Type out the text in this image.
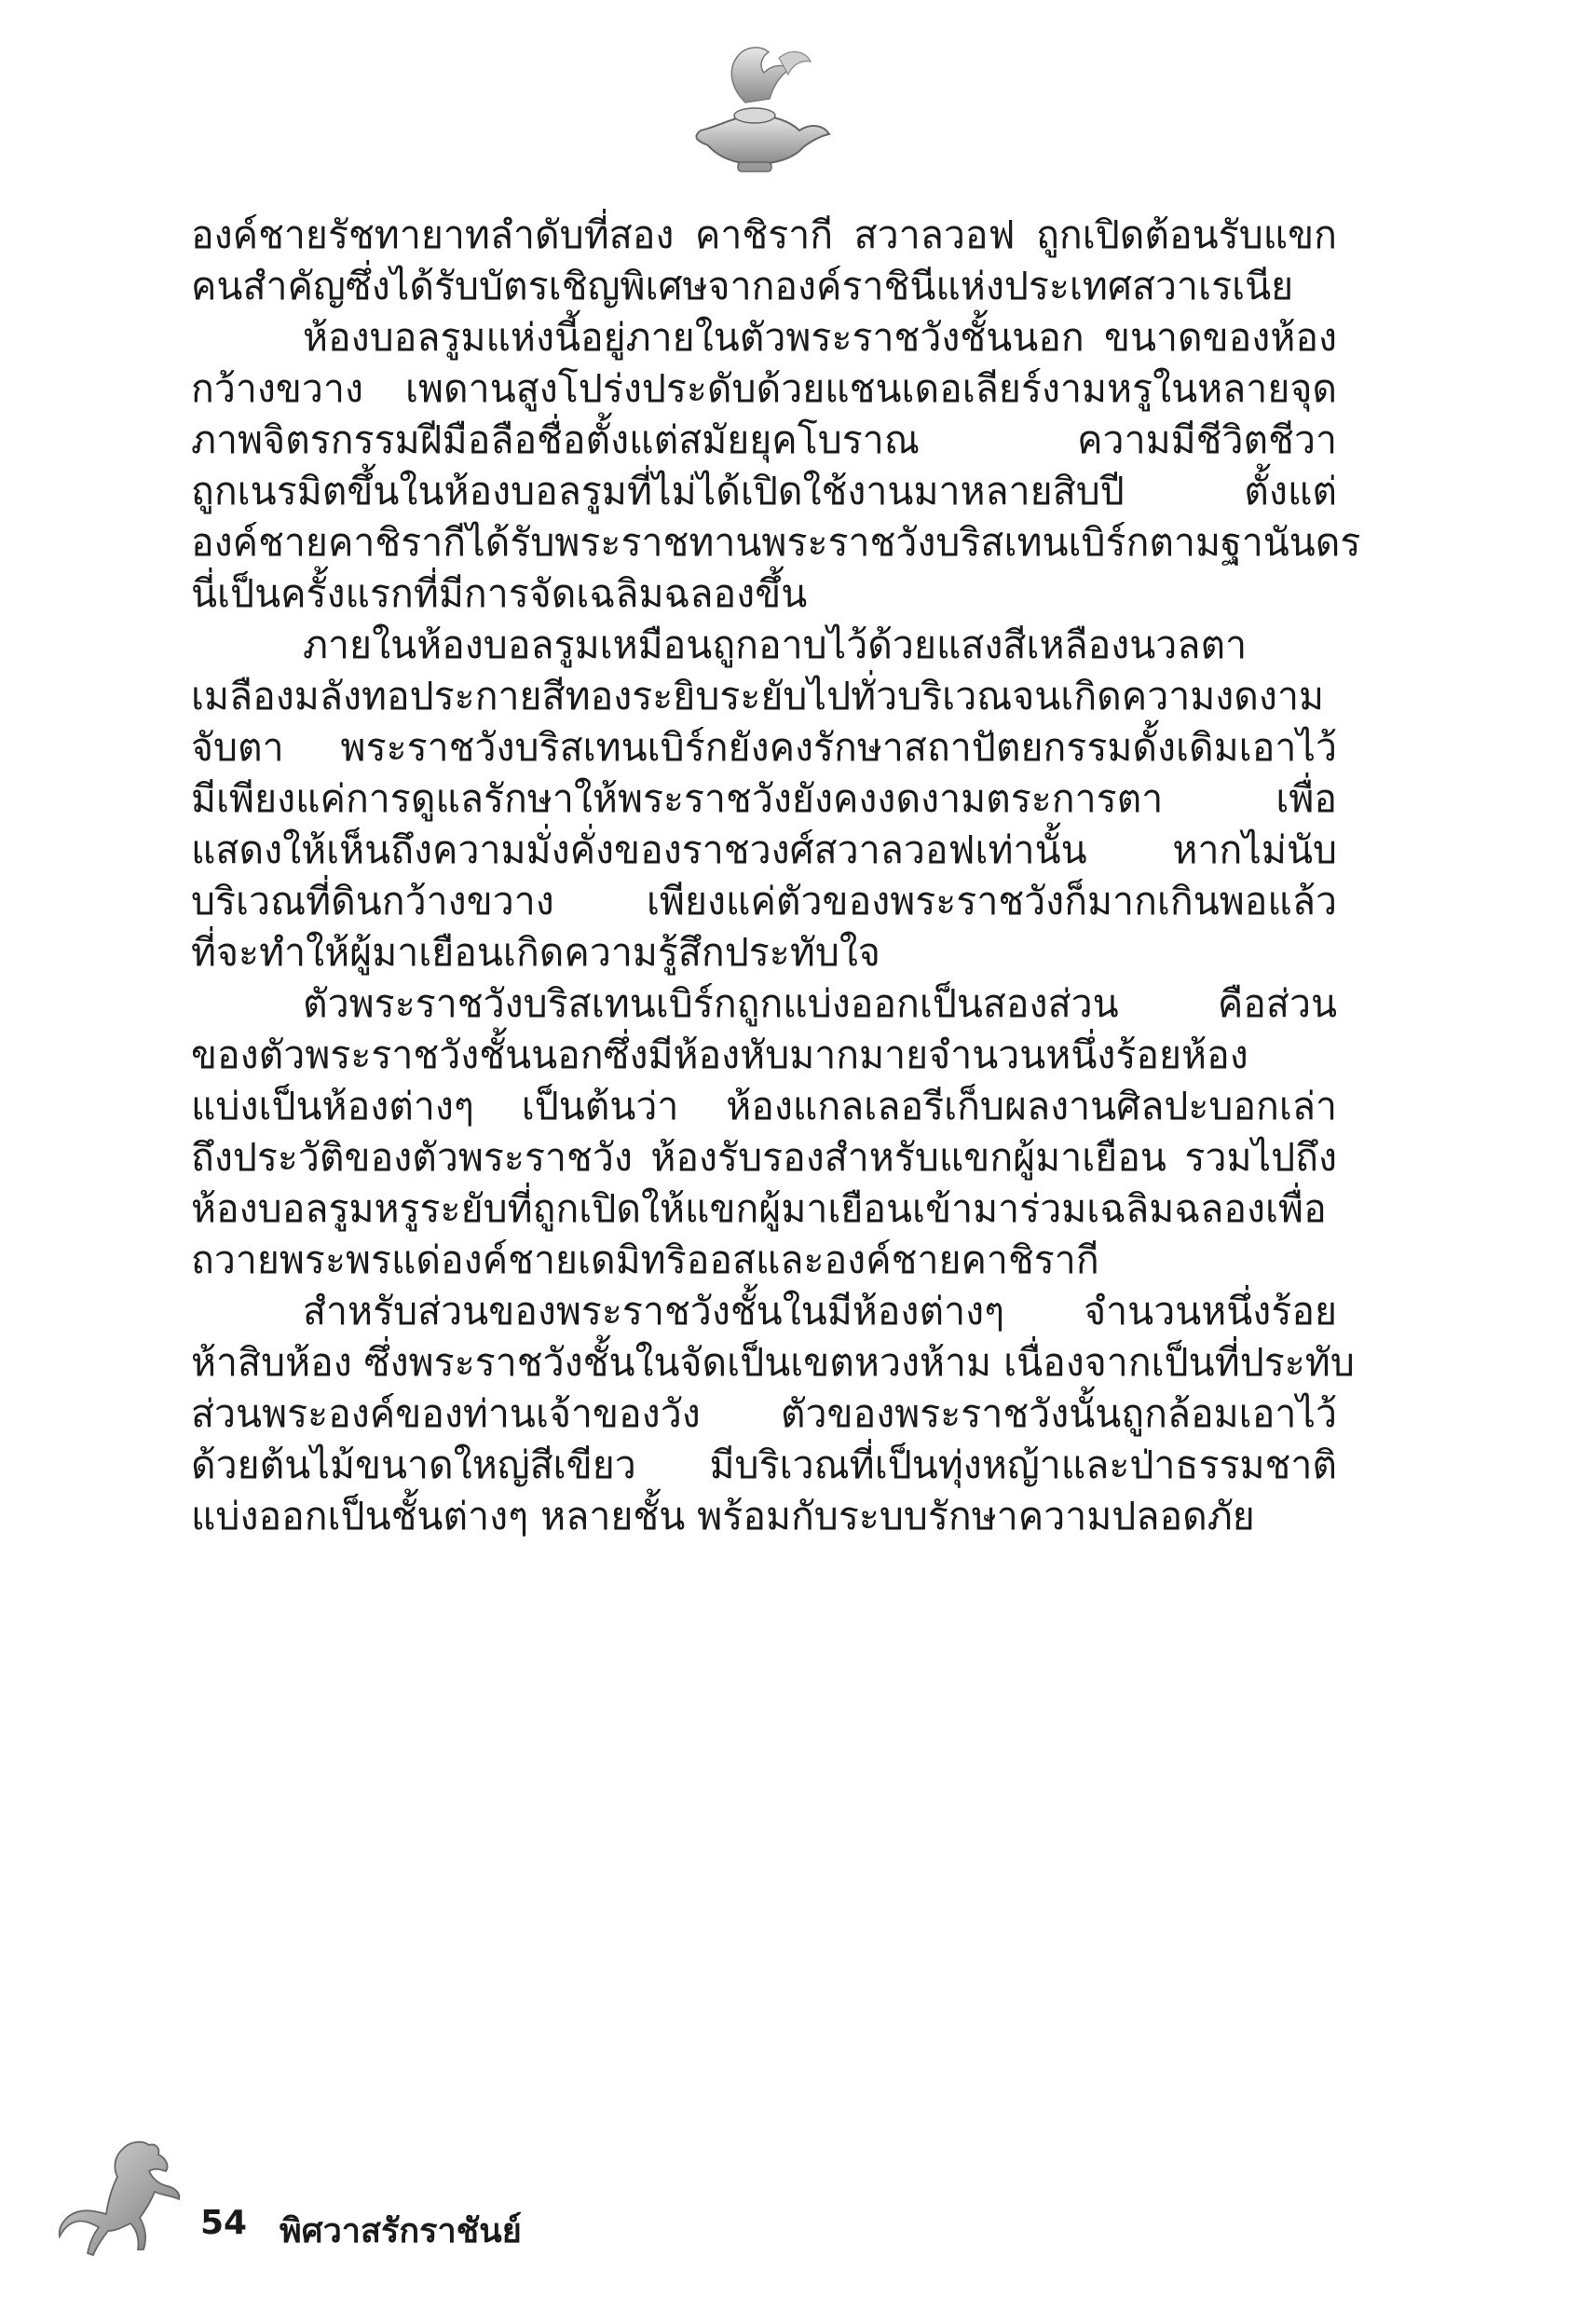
องค์ชายรัชทายาทลำดับที่สอง คาชิรากี สวาลวอฟ ถูกเปิดต้อนรับแขก

คนสำคัญซึ่งได้รับบัตรเชิญพิเศษจากองค์ราชินีแห่งประเทศสวาเรเนีย

ห้องบอลรูมแห่งนี้อยู่ภายในตัวพระราชวังชั้นนอก ขนาดของห้อง

กว้างขวาง เพดานสูงโปร่งประดับด้วยแชนเดอเลียร์งามหรูในหลายจุด

ภาพจิตรกรรมฝีมือลือชื่อตั้งแต่สมัยยุคโบราณ ความมีชีวิตชีวา

ถูกเนรมิตขึ้นในห้องบอลรูมที่ไม่ได้เปิดใช้งานมาหลายสิบปี ตั้งแต่

องค์ชายคาชิรากีได้รับพระราชทานพระราชวังบริสเทนเบิร์กตามฐานันดร

นี่เป็นครั้งแรกที่มีการจัดเฉลิมฉลองขึ้น

ภายในห้องบอลรูมเหมือนถูกอาบไว้ด้วยแสงสีเหลืองนวลตา

เมลืองมลังทอประกายสีทองระยิบระยับไปทั่วบริเวณจนเกิดความงดงาม

จับตา พระราชวังบริสเทนเบิร์กยังคงรักษาสถาปัตยกรรมดั้งเดิมเอาไว้

มีเพียงแค่การดูแลรักษาให้พระราชวังยังคงงดงามตระการตา เพื่อ

แสดงให้เห็นถึงความมั่งคั่งของราชวงศ์สวาลวอฟเท่านั้น หากไม่นับ

บริเวณที่ดินกว้างขวาง เพียงแค่ตัวของพระราชวังก็มากเกินพอแล้ว

ที่จะทำให้ผู้มาเยือนเกิดความรู้สึกประทับใจ

ตัวพระราชวังบริสเทนเบิร์กถูกแบ่งออกเป็นสองส่วน คือส่วน

ของตัวพระราชวังชั้นนอกซึ่งมีห้องหับมากมายจำนวนหนึ่งร้อยห้อง

แบ่งเป็นห้องต่างๆ เป็นต้นว่า ห้องแกลเลอรีเก็บผลงานศิลปะบอกเล่า

ถึงประวัติของตัวพระราชวัง ห้องรับรองสำหรับแขกผู้มาเยือน รวมไปถึง

ห้องบอลรูมหรูระยับที่ถูกเปิดให้แขกผู้มาเยือนเข้ามาร่วมเฉลิมฉลองเพื่อ

ถวายพระพรแด่องค์ชายเดมิทริออสและองค์ชายคาชิรากี

สำหรับส่วนของพระราชวังชั้นในมีห้องต่างๆ จำนวนหนึ่งร้อย

ห้าสิบห้อง ซึ่งพระราชวังชั้นในจัดเป็นเขตหวงห้าม เนื่องจากเป็นที่ประทับ

ส่วนพระองค์ของท่านเจ้าของวัง ตัวของพระราชวังนั้นถูกล้อมเอาไว้

ด้วยต้นไม้ขนาดใหญ่สีเขียว มีบริเวณที่เป็นทุ่งหญ้าและป่าธรรมชาติ

แบ่งออกเป็นชั้นต่างๆ หลายชั้น พร้อมกับระบบรักษาความปลอดภัย

54 พิศวาสรักราชันย์
